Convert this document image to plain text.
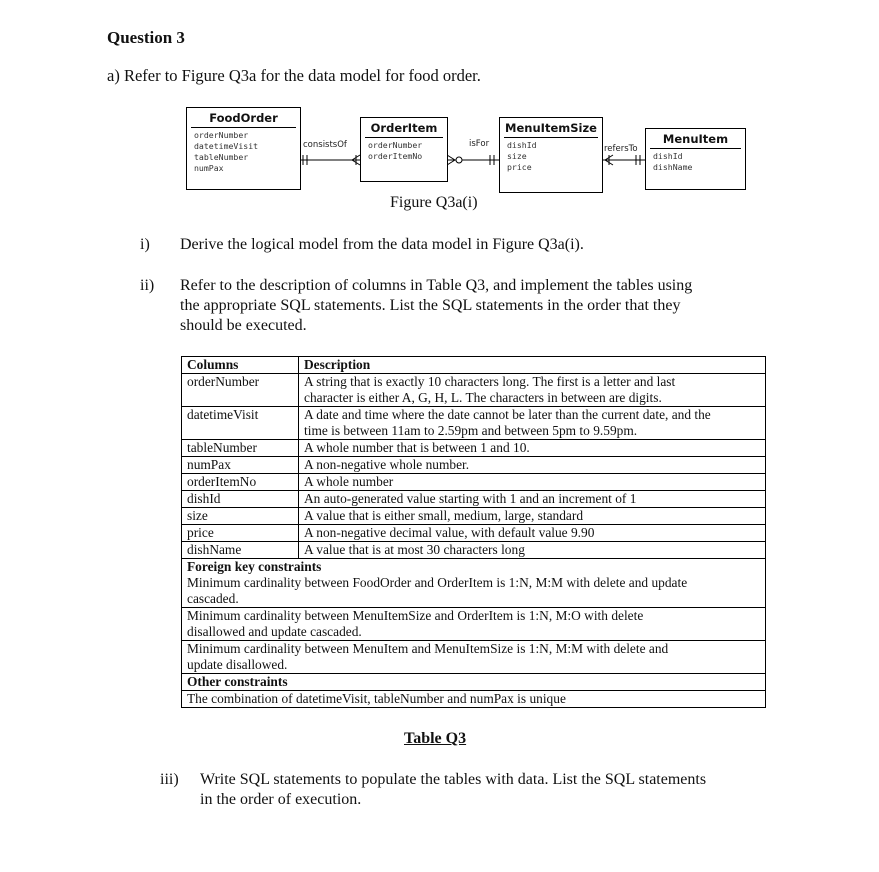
Question 3
a) Refer to Figure Q3a for the data model for food order.
FoodOrder
orderNumber
datetimeVisit
tableNumber
numPax
OrderItem
orderNumber
orderItemNo
MenuItemSize
dishId
size
price
MenuItem
dishId
dishName
consistsOf	isFor	refersTo
Figure Q3a(i)
i) Derive the logical model from the data model in Figure Q3a(i).
ii) Refer to the description of columns in Table Q3, and implement the tables using
the appropriate SQL statements. List the SQL statements in the order that they
should be executed.
Columns	Description
orderNumber	A string that is exactly 10 characters long. The first is a letter and last
character is either A, G, H, L. The characters in between are digits.

datetimeVisit	A date and time where the date cannot be later than the current date, and the
time is between 11am to 2.59pm and between 5pm to 9.59pm.

tableNumber	A whole number that is between 1 and 10.
numPax	A non-negative whole number.
orderItemNo	A whole number
dishId	An auto-generated value starting with 1 and an increment of 1
size	A value that is either small, medium, large, standard
price	A non-negative decimal value, with default value 9.90
dishName	A value that is at most 30 characters long
Foreign key constraints	

Minimum cardinality between FoodOrder and OrderItem is 1:N, M:M with delete and update
cascaded.	

Minimum cardinality between MenuItemSize and OrderItem is 1:N, M:O with delete
disallowed and update cascaded.	

Minimum cardinality between MenuItem and MenuItemSize is 1:N, M:M with delete and
update disallowed.	

Other constraints	
The combination of datetimeVisit, tableNumber and numPax is unique	
Table Q3
iii) Write SQL statements to populate the tables with data. List the SQL statements
in the order of execution.
